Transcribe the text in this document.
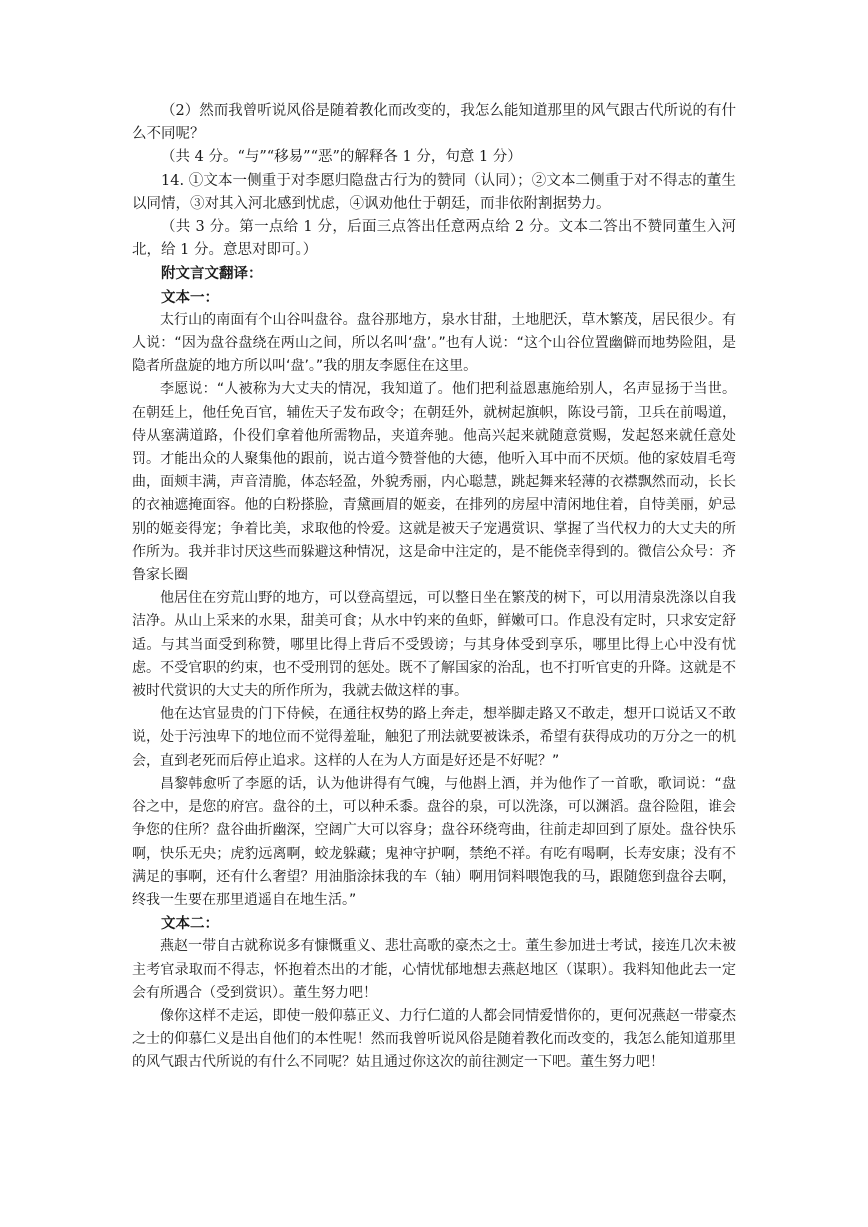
（2）然而我曾听说风俗是随着教化而改变的，我怎么能知道那里的风气跟古代所说的有什么不同呢？

（共 4 分。“与”“移易”“恶”的解释各 1 分，句意 1 分）

14. ①文本一侧重于对李愿归隐盘古行为的赞同（认同）；②文本二侧重于对不得志的董生以同情，③对其入河北感到忧虑，④讽劝他仕于朝廷，而非依附割据势力。

（共 3 分。第一点给 1 分，后面三点答出任意两点给 2 分。文本二答出不赞同董生入河北，给 1 分。意思对即可。）

附文言文翻译：

文本一：

太行山的南面有个山谷叫盘谷。盘谷那地方，泉水甘甜，土地肥沃，草木繁茂，居民很少。有人说：“因为盘谷盘绕在两山之间，所以名叫‘盘’。”也有人说：“这个山谷位置幽僻而地势险阻，是隐者所盘旋的地方所以叫‘盘’。”我的朋友李愿住在这里。

李愿说：“人被称为大丈夫的情况，我知道了。他们把利益恩惠施给别人，名声显扬于当世。在朝廷上，他任免百官，辅佐天子发布政令；在朝廷外，就树起旗帜，陈设弓箭，卫兵在前喝道，侍从塞满道路，仆役们拿着他所需物品，夹道奔驰。他高兴起来就随意赏赐，发起怒来就任意处罚。才能出众的人聚集他的跟前，说古道今赞誉他的大德，他听入耳中而不厌烦。他的家妓眉毛弯曲，面颊丰满，声音清脆，体态轻盈，外貌秀丽，内心聪慧，跳起舞来轻薄的衣襟飘然而动，长长的衣袖遮掩面容。他的白粉搽脸，青黛画眉的姬妾，在排列的房屋中清闲地住着，自恃美丽，妒忌别的姬妾得宠；争着比美，求取他的怜爱。这就是被天子宠遇赏识、掌握了当代权力的大丈夫的所作所为。我并非讨厌这些而躲避这种情况，这是命中注定的，是不能侥幸得到的。微信公众号：齐鲁家长圈

他居住在穷荒山野的地方，可以登高望远，可以整日坐在繁茂的树下，可以用清泉洗涤以自我洁净。从山上采来的水果，甜美可食；从水中钓来的鱼虾，鲜嫩可口。作息没有定时，只求安定舒适。与其当面受到称赞，哪里比得上背后不受毁谤；与其身体受到享乐，哪里比得上心中没有忧虑。不受官职的约束，也不受刑罚的惩处。既不了解国家的治乱，也不打听官吏的升降。这就是不被时代赏识的大丈夫的所作所为，我就去做这样的事。

他在达官显贵的门下侍候，在通往权势的路上奔走，想举脚走路又不敢走，想开口说话又不敢说，处于污浊卑下的地位而不觉得羞耻，触犯了刑法就要被诛杀，希望有获得成功的万分之一的机会，直到老死而后停止追求。这样的人在为人方面是好还是不好呢？”

昌黎韩愈听了李愿的话，认为他讲得有气魄，与他斟上酒，并为他作了一首歌，歌词说：“盘谷之中，是您的府宫。盘谷的土，可以种禾黍。盘谷的泉，可以洗涤，可以渊滔。盘谷险阻，谁会争您的住所？盘谷曲折幽深，空阔广大可以容身；盘谷环绕弯曲，往前走却回到了原处。盘谷快乐啊，快乐无央；虎豹远离啊，蛟龙躲藏；鬼神守护啊，禁绝不祥。有吃有喝啊，长寿安康；没有不满足的事啊，还有什么奢望？用油脂涂抹我的车（轴）啊用饲料喂饱我的马，跟随您到盘谷去啊，终我一生要在那里逍遥自在地生活。”

文本二：

燕赵一带自古就称说多有慷慨重义、悲壮高歌的豪杰之士。董生参加进士考试，接连几次未被主考官录取而不得志，怀抱着杰出的才能，心情忧郁地想去燕赵地区（谋职）。我料知他此去一定会有所遇合（受到赏识）。董生努力吧！

像你这样不走运，即使一般仰慕正义、力行仁道的人都会同情爱惜你的，更何况燕赵一带豪杰之士的仰慕仁义是出自他们的本性呢！然而我曾听说风俗是随着教化而改变的，我怎么能知道那里的风气跟古代所说的有什么不同呢？姑且通过你这次的前往测定一下吧。董生努力吧！
